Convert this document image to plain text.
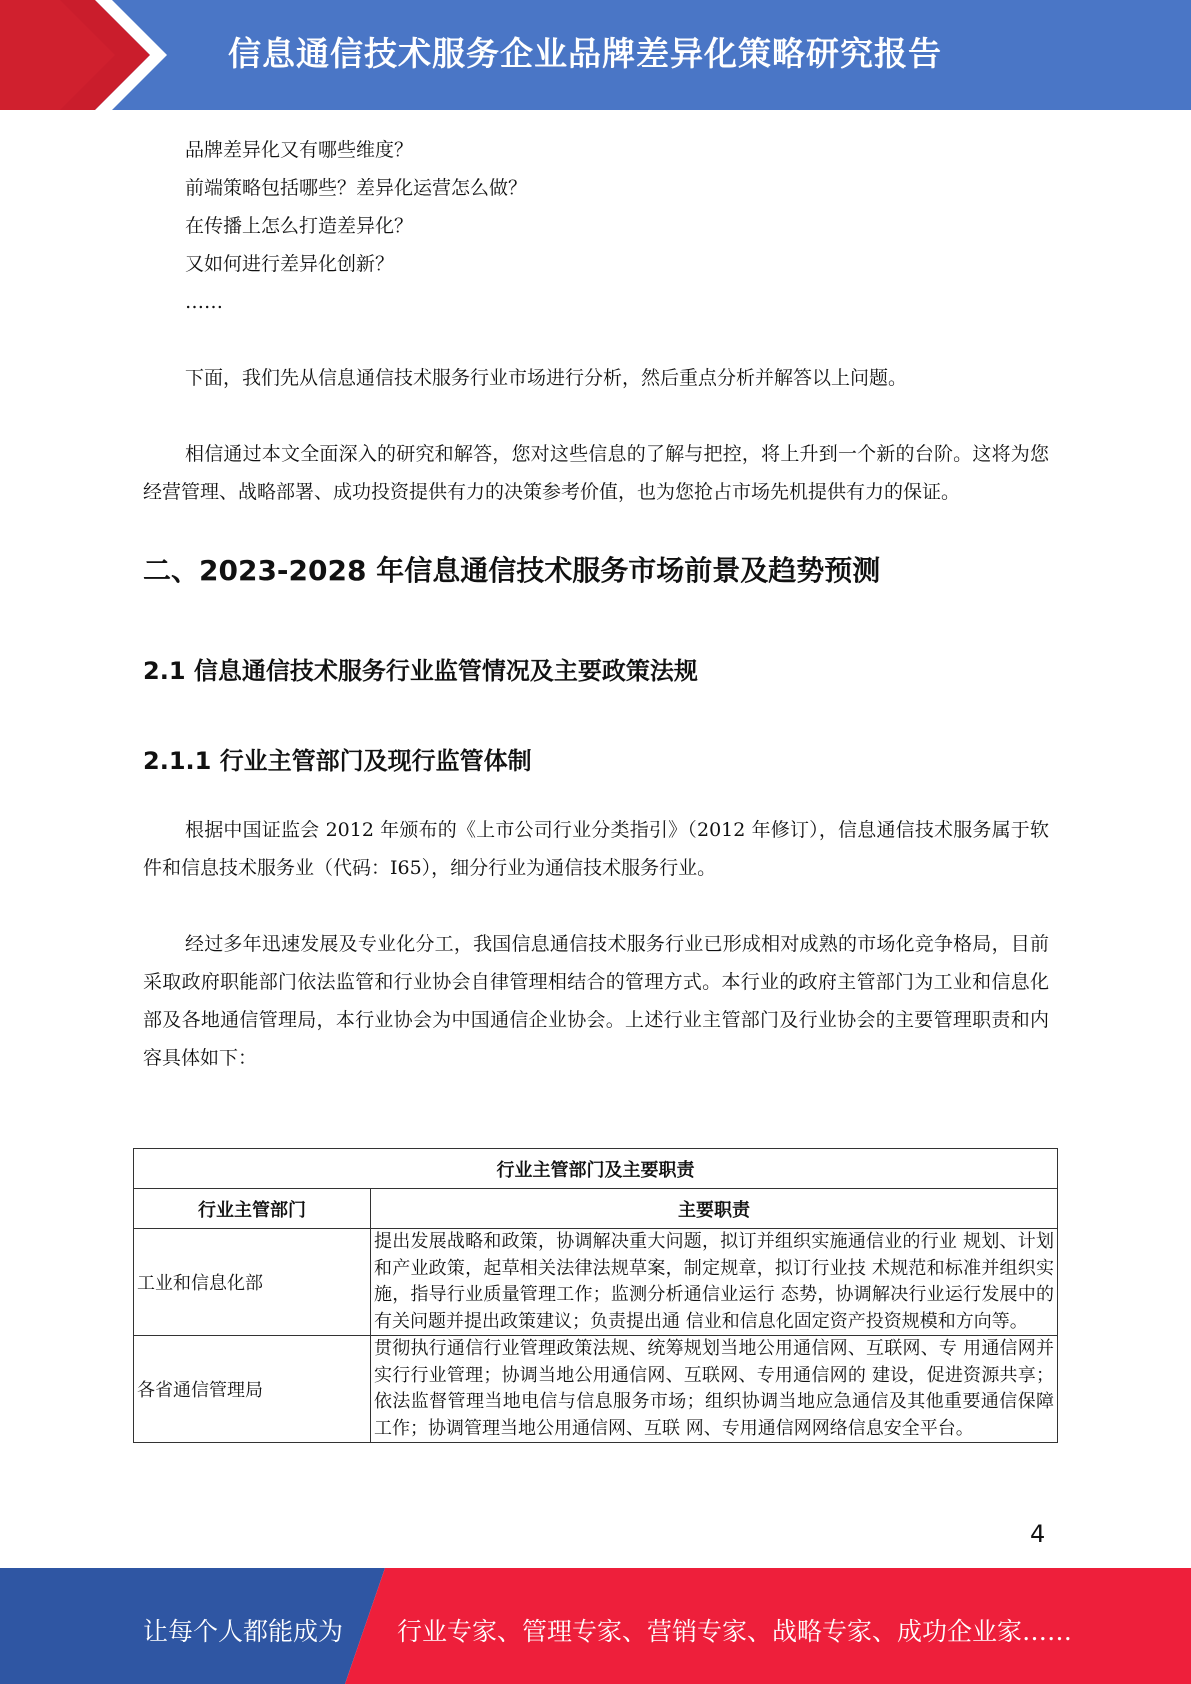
信息通信技术服务企业品牌差异化策略研究报告
品牌差异化又有哪些维度？
前端策略包括哪些？差异化运营怎么做？
在传播上怎么打造差异化？
又如何进行差异化创新？
……
下面，我们先从信息通信技术服务行业市场进行分析，然后重点分析并解答以上问题。
相信通过本文全面深入的研究和解答，您对这些信息的了解与把控，将上升到一个新的台阶。这将为您经营管理、战略部署、成功投资提供有力的决策参考价值，也为您抢占市场先机提供有力的保证。
二、2023-2028 年信息通信技术服务市场前景及趋势预测
2.1 信息通信技术服务行业监管情况及主要政策法规
2.1.1 行业主管部门及现行监管体制
根据中国证监会 2012 年颁布的《上市公司行业分类指引》（2012 年修订），信息通信技术服务属于软件和信息技术服务业（代码：I65），细分行业为通信技术服务行业。
经过多年迅速发展及专业化分工，我国信息通信技术服务行业已形成相对成熟的市场化竞争格局，目前采取政府职能部门依法监管和行业协会自律管理相结合的管理方式。本行业的政府主管部门为工业和信息化部及各地通信管理局，本行业协会为中国通信企业协会。上述行业主管部门及行业协会的主要管理职责和内容具体如下：
行业主管部门及主要职责	
行业主管部门	主要职责
工业和信息化部	提出发展战略和政策，协调解决重大问题，拟订并组织实施通信业的行业 规划、计划和产业政策，起草相关法律法规草案，制定规章，拟订行业技 术规范和标准并组织实施，指导行业质量管理工作；监测分析通信业运行 态势，协调解决行业运行发展中的有关问题并提出政策建议；负责提出通 信业和信息化固定资产投资规模和方向等。
各省通信管理局	贯彻执行通信行业管理政策法规、统筹规划当地公用通信网、互联网、专 用通信网并实行行业管理；协调当地公用通信网、互联网、专用通信网的 建设，促进资源共享；依法监督管理当地电信与信息服务市场；组织协调当地应急通信及其他重要通信保障工作；协调管理当地公用通信网、互联 网、专用通信网网络信息安全平台。
4
让每个人都能成为 行业专家、管理专家、营销专家、战略专家、成功企业家……
